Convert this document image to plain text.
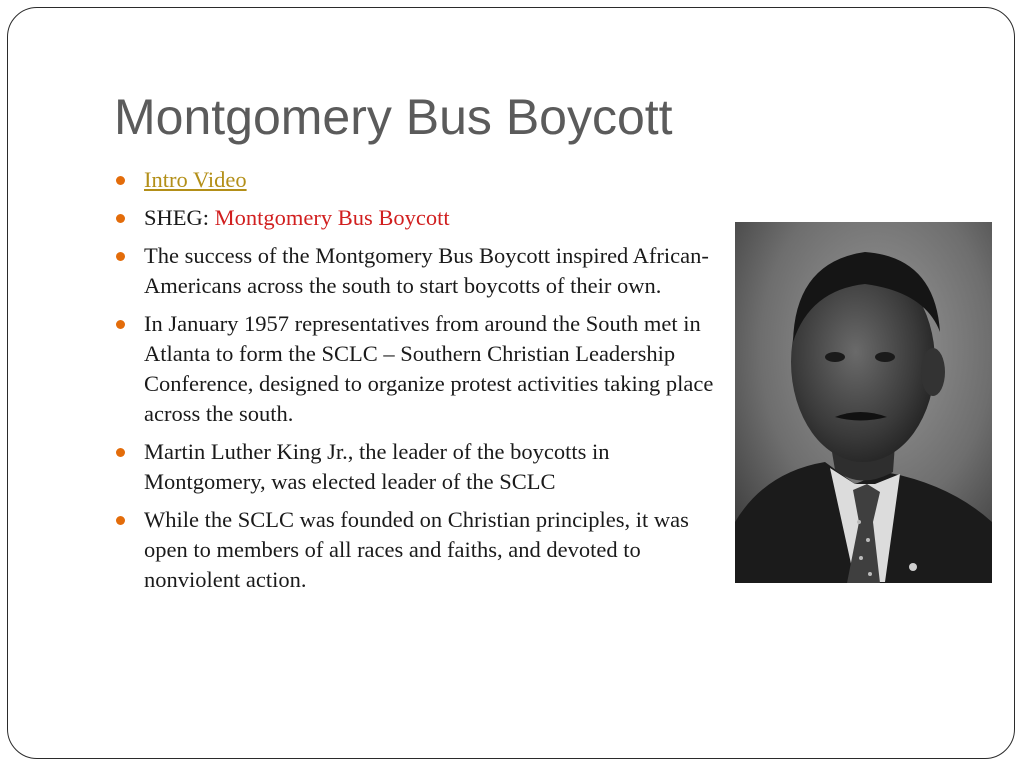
Montgomery Bus Boycott
Intro Video
SHEG: Montgomery Bus Boycott
The success of the Montgomery Bus Boycott inspired African-Americans across the south to start boycotts of their own.
In January 1957 representatives from around the South met in Atlanta to form the SCLC – Southern Christian Leadership Conference, designed to organize protest activities taking place across the south.
Martin Luther King Jr., the leader of the boycotts in Montgomery, was elected leader of the SCLC
While the SCLC was founded on Christian principles, it was open to members of all races and faiths, and devoted to nonviolent action.
